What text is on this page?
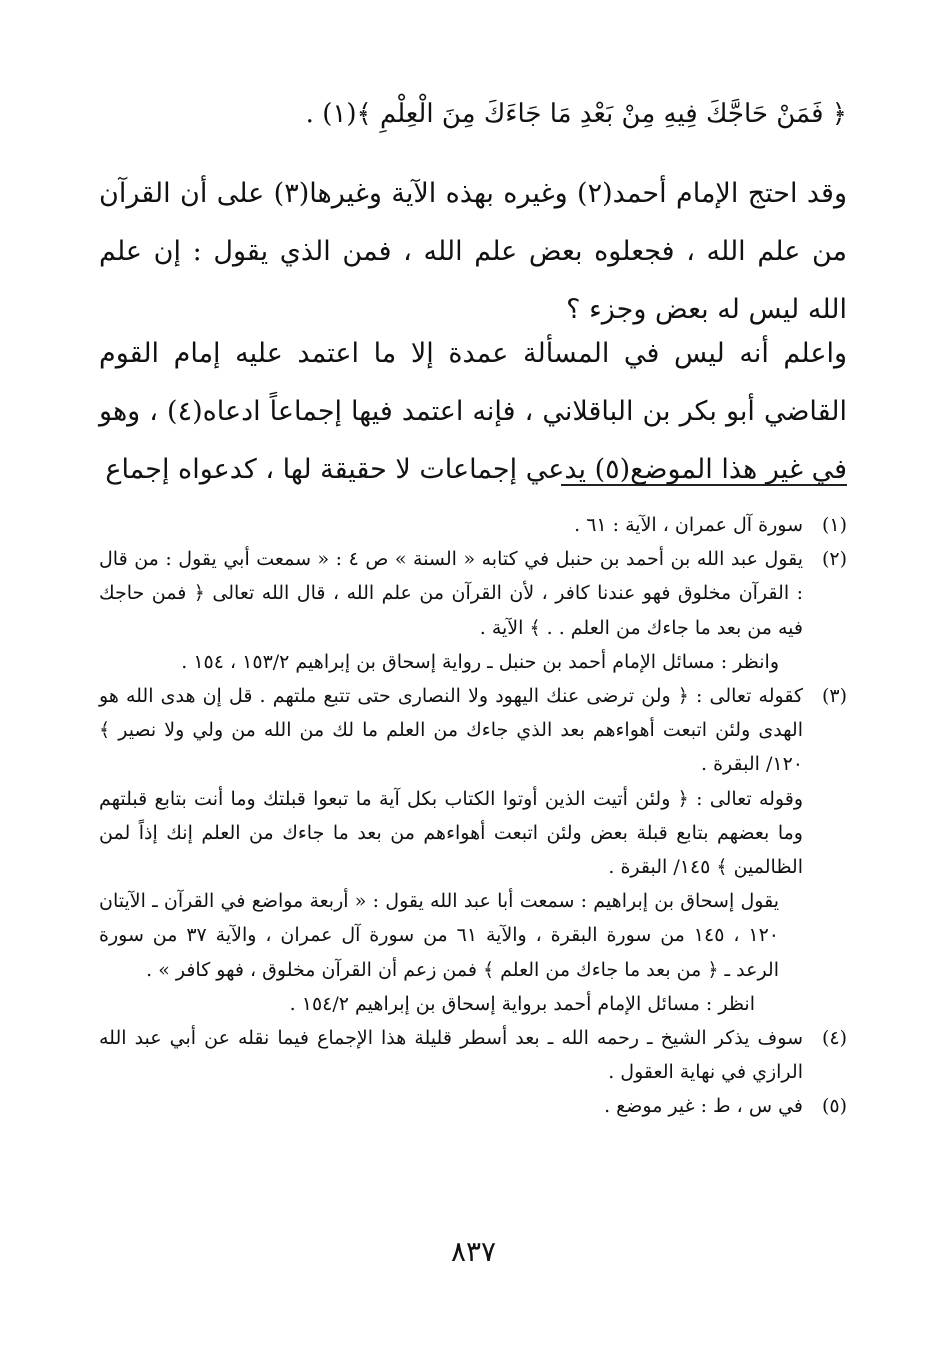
﴿ فَمَنْ حَاجَّكَ فِيهِ مِنْ بَعْدِ مَا جَاءَكَ مِنَ الْعِلْمِ ﴾(١) .
وقد احتج الإمام أحمد(٢) وغيره بهذه الآية وغيرها(٣) على أن القرآن من علم الله ، فجعلوه بعض علم الله ، فمن الذي يقول : إن علم الله ليس له بعض وجزء ؟
واعلم أنه ليس في المسألة عمدة إلا ما اعتمد عليه إمام القوم القاضي أبو بكر بن الباقلاني ، فإنه اعتمد فيها إجماعاً ادعاه(٤) ، وهو في غير هذا الموضع(٥) يدعي إجماعات لا حقيقة لها ، كدعواه إجماع
(١)

سورة آل عمران ، الآية : ٦١ .

(٢)

يقول عبد الله بن أحمد بن حنبل في كتابه « السنة » ص ٤ : « سمعت أبي يقول : من قال : القرآن مخلوق فهو عندنا كافر ، لأن القرآن من علم الله ، قال الله تعالى ﴿ فمن حاجك فيه من بعد ما جاءك من العلم . . ﴾ الآية .

وانظر : مسائل الإمام أحمد بن حنبل ـ رواية إسحاق بن إبراهيم ١٥٣/٢ ، ١٥٤ .

(٣)

كقوله تعالى : ﴿ ولن ترضى عنك اليهود ولا النصارى حتى تتبع ملتهم . قل إن هدى الله هو الهدى ولئن اتبعت أهواءهم بعد الذي جاءك من العلم ما لك من الله من ولي ولا نصير ﴾ ١٢٠/ البقرة .

وقوله تعالى : ﴿ ولئن أتيت الذين أوتوا الكتاب بكل آية ما تبعوا قبلتك وما أنت بتابع قبلتهم وما بعضهم بتابع قبلة بعض ولئن اتبعت أهواءهم من بعد ما جاءك من العلم إنك إذاً لمن الظالمين ﴾ ١٤٥/ البقرة .

يقول إسحاق بن إبراهيم : سمعت أبا عبد الله يقول : « أربعة مواضع في القرآن ـ الآيتان ١٢٠ ، ١٤٥ من سورة البقرة ، والآية ٦١ من سورة آل عمران ، والآية ٣٧ من سورة الرعد ـ ﴿ من بعد ما جاءك من العلم ﴾ فمن زعم أن القرآن مخلوق ، فهو كافر » .

انظر : مسائل الإمام أحمد برواية إسحاق بن إبراهيم ١٥٤/٢ .

(٤)

سوف يذكر الشيخ ـ رحمه الله ـ بعد أسطر قليلة هذا الإجماع فيما نقله عن أبي عبد الله الرازي في نهاية العقول .

(٥)

في س ، ط : غير موضع .

٨٣٧
